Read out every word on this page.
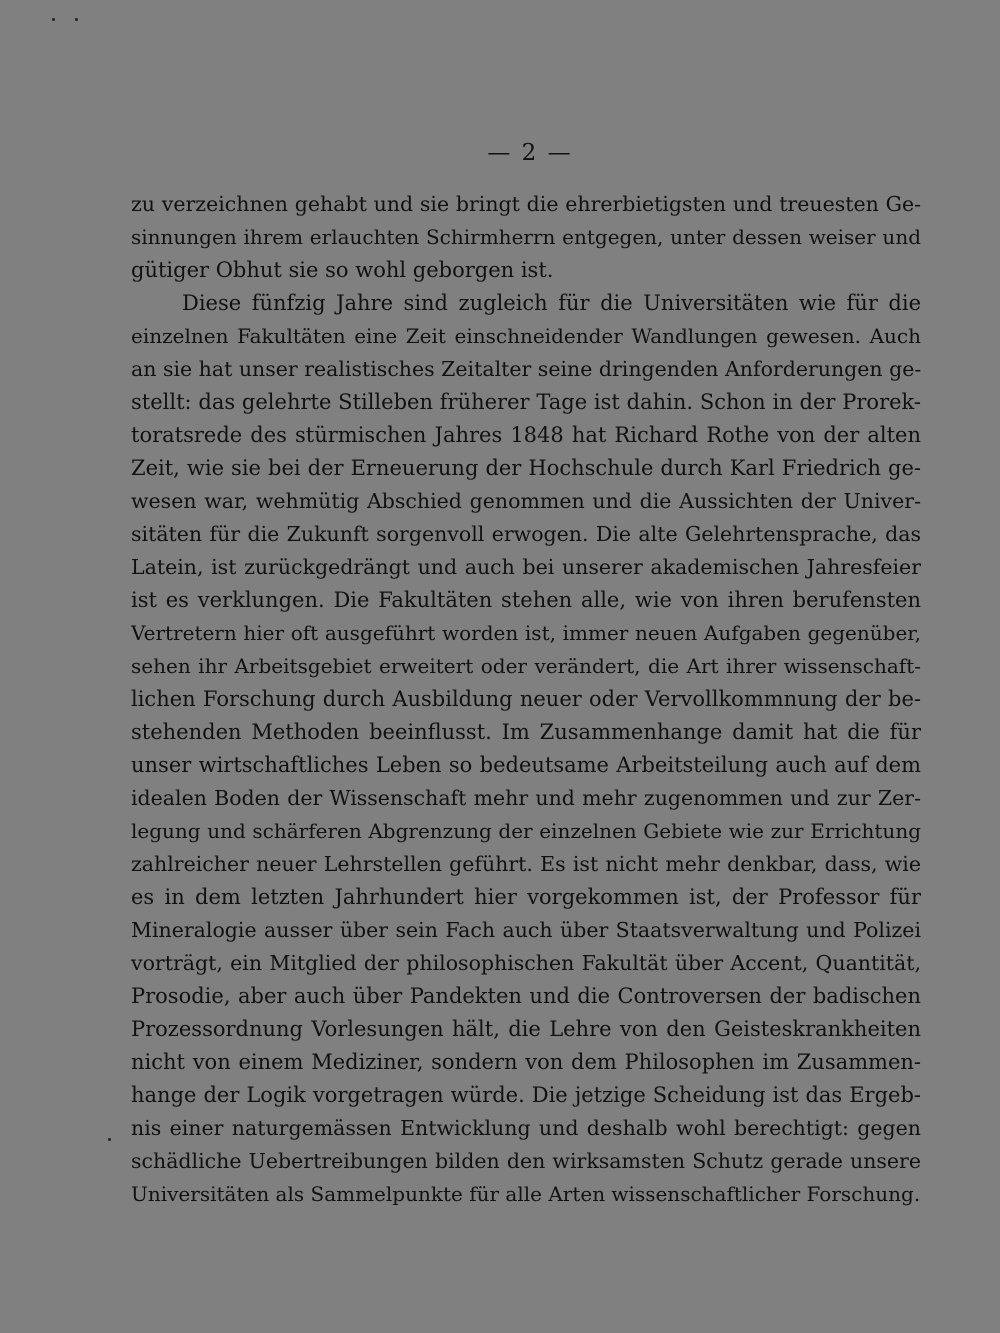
— 2 —
zu verzeichnen gehabt und sie bringt die ehrerbietigsten und treuesten Ge-
sinnungen ihrem erlauchten Schirmherrn entgegen, unter dessen weiser und
gütiger Obhut sie so wohl geborgen ist.
Diese fünfzig Jahre sind zugleich für die Universitäten wie für die
einzelnen Fakultäten eine Zeit einschneidender Wandlungen gewesen. Auch
an sie hat unser realistisches Zeitalter seine dringenden Anforderungen ge-
stellt: das gelehrte Stilleben früherer Tage ist dahin. Schon in der Prorek-
toratsrede des stürmischen Jahres 1848 hat Richard Rothe von der alten
Zeit, wie sie bei der Erneuerung der Hochschule durch Karl Friedrich ge-
wesen war, wehmütig Abschied genommen und die Aussichten der Univer-
sitäten für die Zukunft sorgenvoll erwogen. Die alte Gelehrtensprache, das
Latein, ist zurückgedrängt und auch bei unserer akademischen Jahresfeier
ist es verklungen. Die Fakultäten stehen alle, wie von ihren berufensten
Vertretern hier oft ausgeführt worden ist, immer neuen Aufgaben gegenüber,
sehen ihr Arbeitsgebiet erweitert oder verändert, die Art ihrer wissenschaft-
lichen Forschung durch Ausbildung neuer oder Vervollkommnung der be-
stehenden Methoden beeinflusst. Im Zusammenhange damit hat die für
unser wirtschaftliches Leben so bedeutsame Arbeitsteilung auch auf dem
idealen Boden der Wissenschaft mehr und mehr zugenommen und zur Zer-
legung und schärferen Abgrenzung der einzelnen Gebiete wie zur Errichtung
zahlreicher neuer Lehrstellen geführt. Es ist nicht mehr denkbar, dass, wie
es in dem letzten Jahrhundert hier vorgekommen ist, der Professor für
Mineralogie ausser über sein Fach auch über Staatsverwaltung und Polizei
vorträgt, ein Mitglied der philosophischen Fakultät über Accent, Quantität,
Prosodie, aber auch über Pandekten und die Controversen der badischen
Prozessordnung Vorlesungen hält, die Lehre von den Geisteskrankheiten
nicht von einem Mediziner, sondern von dem Philosophen im Zusammen-
hange der Logik vorgetragen würde. Die jetzige Scheidung ist das Ergeb-
nis einer naturgemässen Entwicklung und deshalb wohl berechtigt: gegen
schädliche Uebertreibungen bilden den wirksamsten Schutz gerade unsere
Universitäten als Sammelpunkte für alle Arten wissenschaftlicher Forschung.
